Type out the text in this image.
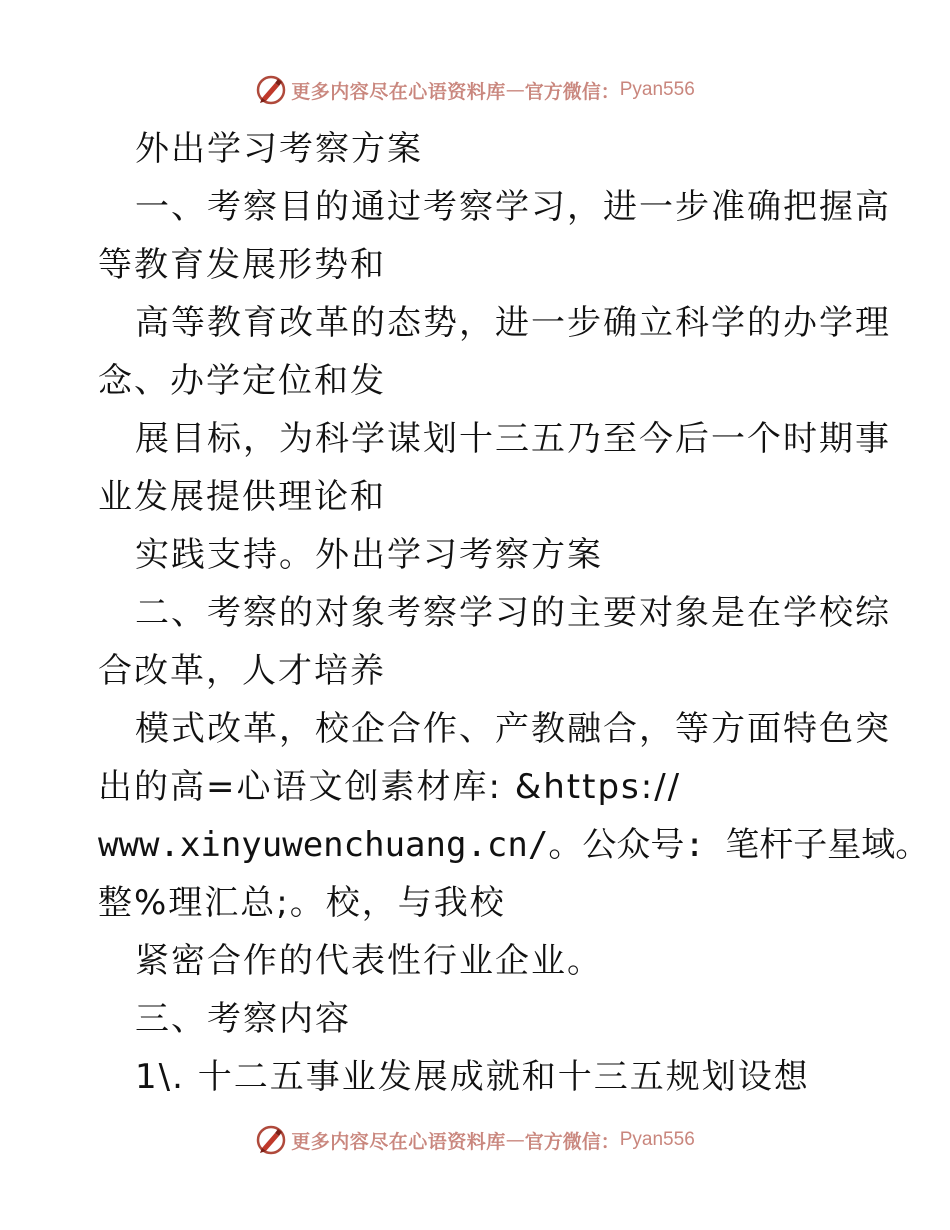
更多内容尽在心语资料库 — 官方微信： Pyan556
外出学习考察方案
一、考察目的通过考察学习，进一步准确把握高
等教育发展形势和
高等教育改革的态势，进一步确立科学的办学理
念、办学定位和发
展目标，为科学谋划十三五乃至今后一个时期事
业发展提供理论和
实践支持。外出学习考察方案
二、考察的对象考察学习的主要对象是在学校综
合改革，人才培养
模式改革，校企合作、产教融合，等方面特色突
出的高=心语文创素材库: &https://
www.xinyuwenchuang.cn/。公众号: 笔杆子星域。
整%理汇总;。校，与我校
紧密合作的代表性行业企业。
三、考察内容
1\. 十二五事业发展成就和十三五规划设想
更多内容尽在心语资料库 — 官方微信： Pyan556
